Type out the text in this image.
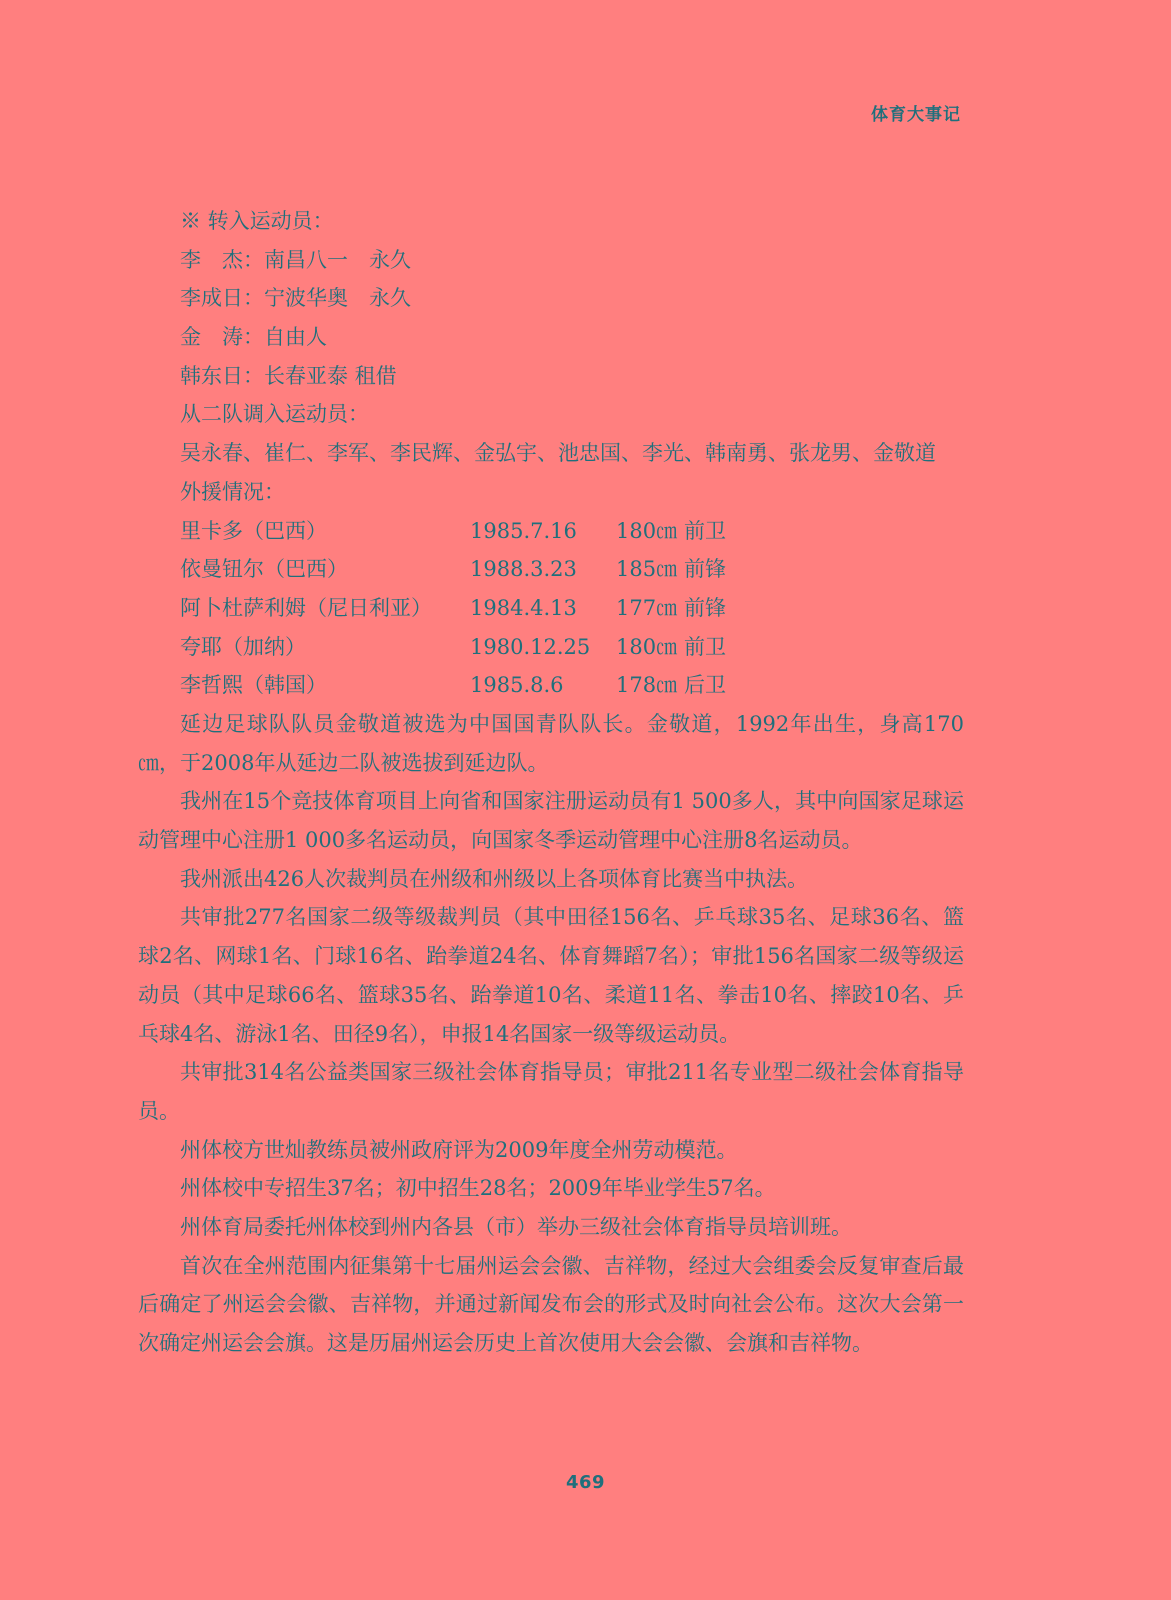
体育大事记
※ 转入运动员：
李　杰：南昌八一　永久
李成日：宁波华奥　永久
金　涛：自由人
韩东日：长春亚泰 租借
从二队调入运动员：
吴永春、崔仁、李军、李民辉、金弘宇、池忠国、李光、韩南勇、张龙男、金敬道
外援情况：
里卡多（巴西）	1985.7.16 180㎝ 前卫
依曼钮尔（巴西）	1988.3.23 185㎝ 前锋
阿卜杜萨利姆（尼日利亚） 1984.4.13 177㎝ 前锋
夸耶（加纳）	1980.12.25 180㎝ 前卫
李哲熙（韩国）	1985.8.6 178㎝ 后卫

延边足球队队员金敬道被选为中国国青队队长。金敬道，1992年出生，身高170㎝，于2008年从延边二队被选拔到延边队。

我州在15个竞技体育项目上向省和国家注册运动员有1 500多人，其中向国家足球运动管理中心注册1 000多名运动员，向国家冬季运动管理中心注册8名运动员。

我州派出426人次裁判员在州级和州级以上各项体育比赛当中执法。

共审批277名国家二级等级裁判员（其中田径156名、乒乓球35名、足球36名、篮球2名、网球1名、门球16名、跆拳道24名、体育舞蹈7名）；审批156名国家二级等级运动员（其中足球66名、篮球35名、跆拳道10名、柔道11名、拳击10名、摔跤10名、乒乓球4名、游泳1名、田径9名），申报14名国家一级等级运动员。

共审批314名公益类国家三级社会体育指导员；审批211名专业型二级社会体育指导员。

州体校方世灿教练员被州政府评为2009年度全州劳动模范。

州体校中专招生37名；初中招生28名；2009年毕业学生57名。

州体育局委托州体校到州内各县（市）举办三级社会体育指导员培训班。

首次在全州范围内征集第十七届州运会会徽、吉祥物，经过大会组委会反复审查后最后确定了州运会会徽、吉祥物，并通过新闻发布会的形式及时向社会公布。这次大会第一次确定州运会会旗。这是历届州运会历史上首次使用大会会徽、会旗和吉祥物。

469
